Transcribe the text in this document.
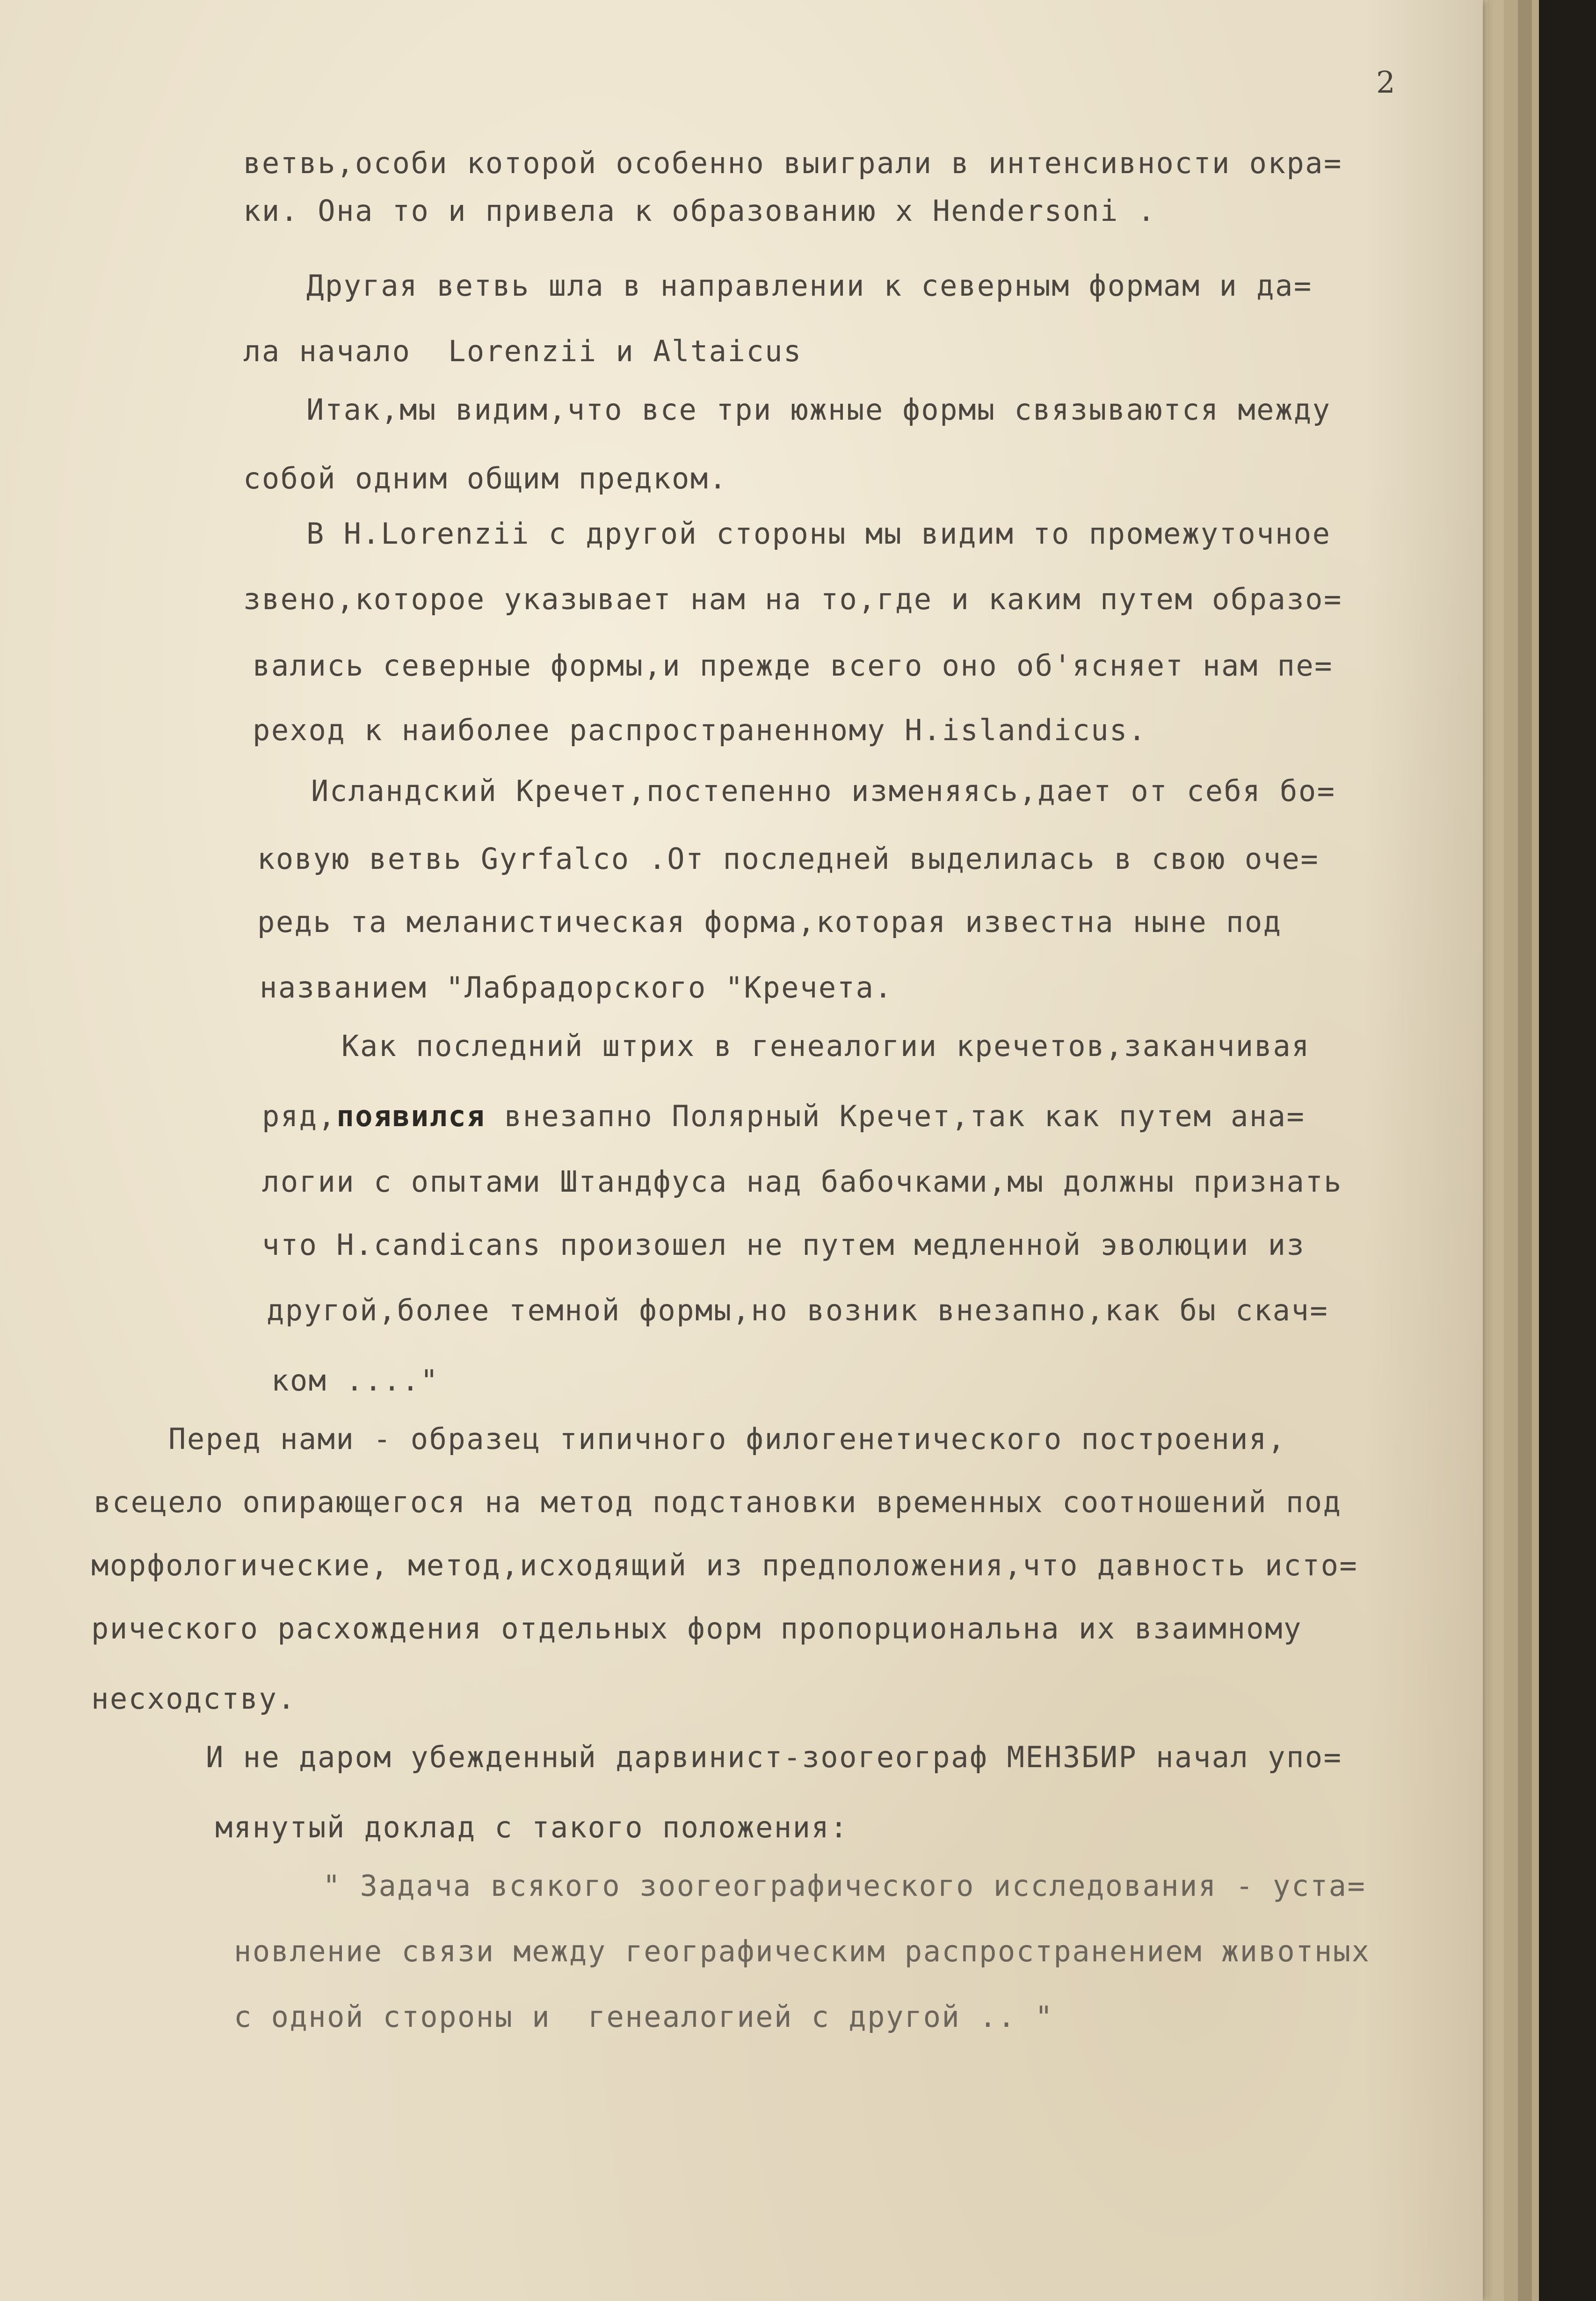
2
ветвь,особи которой особенно выиграли в интенсивности окра=
ки. Она то и привела к образованию x Hendersoni .
Другая ветвь шла в направлении к северным формам и да=
ла начало  Lorenzii и Altaicus
Итак,мы видим,что все три южные формы связываются между
собой одним общим предком.
В H.Lorenzii с другой стороны мы видим то промежуточное
звено,которое указывает нам на то,где и каким путем образо=
вались северные формы,и прежде всего оно об'ясняет нам пе=
реход к наиболее распространенному H.islandicus.
Исландский Кречет,постепенно изменяясь,дает от себя бо=
ковую ветвь Gyrfalco .От последней выделилась в свою оче=
редь та меланистическая форма,которая известна ныне под
названием "Лабрадорского "Кречета.
Как последний штрих в генеалогии кречетов,заканчивая
ряд,появился внезапно Полярный Кречет,так как путем ана=
логии с опытами Штандфуса над бабочками,мы должны признать
что H.candicans произошел не путем медленной эволюции из
другой,более темной формы,но возник внезапно,как бы скач=
ком ...."
Перед нами - образец типичного филогенетического построения,
всецело опирающегося на метод подстановки временных соотношений под
морфологические, метод,исходящий из предположения,что давность исто=
рического расхождения отдельных форм пропорциональна их взаимному
несходству.
И не даром убежденный дарвинист-зоогеограф МЕНЗБИР начал упо=
мянутый доклад с такого положения:
" Задача всякого зоогеографического исследования - уста=
новление связи между географическим распространением животных
с одной стороны и  генеалогией с другой .. "
